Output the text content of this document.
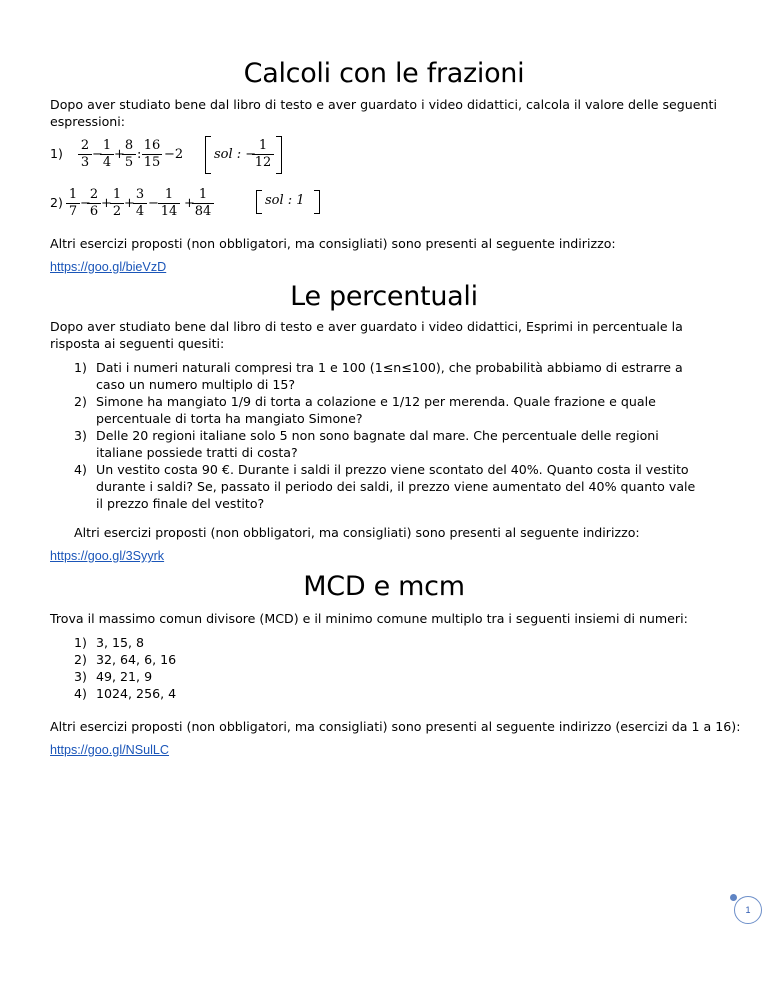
Calcoli con le frazioni
Dopo aver studiato bene dal libro di testo e aver guardato i video didattici, calcola il valore delle seguenti espressioni:
1)
2
3
−
1
4
+
8
5
:
16
15
−2 sol : −
1
12
2)
1
7
−
2
6
+
1
2
+
3
4
−
1
14
+
1
84
sol : 1
Altri esercizi proposti (non obbligatori, ma consigliati) sono presenti al seguente indirizzo:
https://goo.gl/bieVzD
Le percentuali
Dopo aver studiato bene dal libro di testo e aver guardato i video didattici, Esprimi in percentuale la risposta ai seguenti quesiti:
1) Dati i numeri naturali compresi tra 1 e 100 (1≤n≤100), che probabilità abbiamo di estrarre a caso un numero multiplo di 15?
2) Simone ha mangiato 1/9 di torta a colazione e 1/12 per merenda. Quale frazione e quale percentuale di torta ha mangiato Simone?
3) Delle 20 regioni italiane solo 5 non sono bagnate dal mare. Che percentuale delle regioni italiane possiede tratti di costa?
4) Un vestito costa 90 €. Durante i saldi il prezzo viene scontato del 40%. Quanto costa il vestito durante i saldi? Se, passato il periodo dei saldi, il prezzo viene aumentato del 40% quanto vale il prezzo finale del vestito?
Altri esercizi proposti (non obbligatori, ma consigliati) sono presenti al seguente indirizzo:
https://goo.gl/3Syyrk
MCD e mcm
Trova il massimo comun divisore (MCD) e il minimo comune multiplo tra i seguenti insiemi di numeri:
1) 3, 15, 8
2) 32, 64, 6, 16
3) 49, 21, 9
4) 1024, 256, 4
Altri esercizi proposti (non obbligatori, ma consigliati) sono presenti al seguente indirizzo (esercizi da 1 a 16):
https://goo.gl/NSulLC
1
